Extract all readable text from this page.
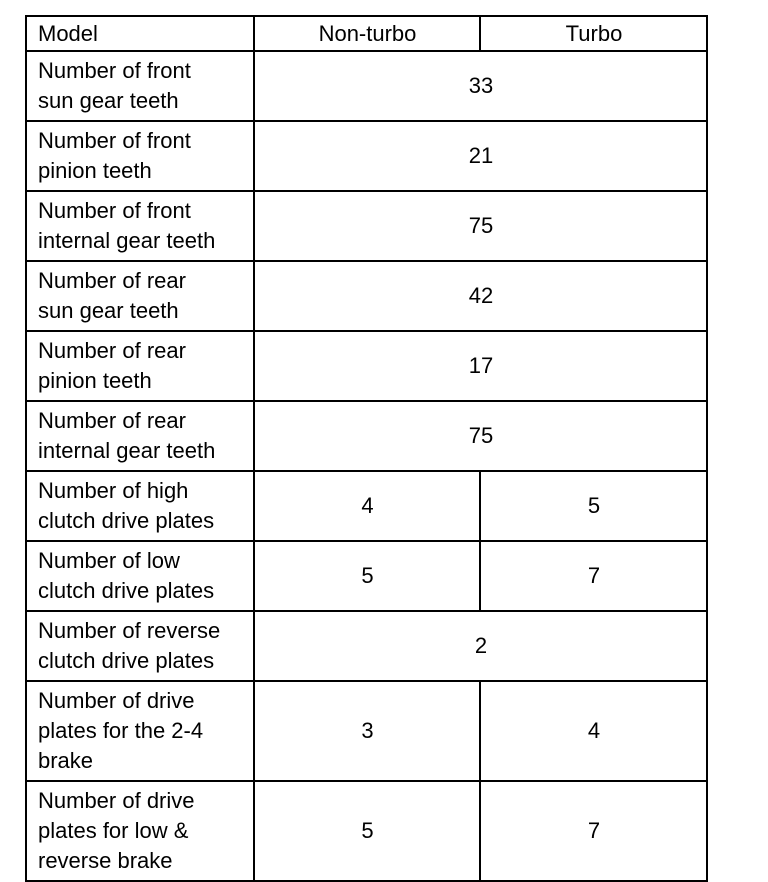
Model	Non-turbo	Turbo
Number of front
sun gear teeth	33	
Number of front
pinion teeth	21	
Number of front
internal gear teeth	75	
Number of rear
sun gear teeth	42	
Number of rear
pinion teeth	17	
Number of rear
internal gear teeth	75	
Number of high
clutch drive plates	4	5
Number of low
clutch drive plates	5	7
Number of reverse
clutch drive plates	2	
Number of drive
plates for the 2-4
brake	3	4
Number of drive
plates for low &
reverse brake	5	7
